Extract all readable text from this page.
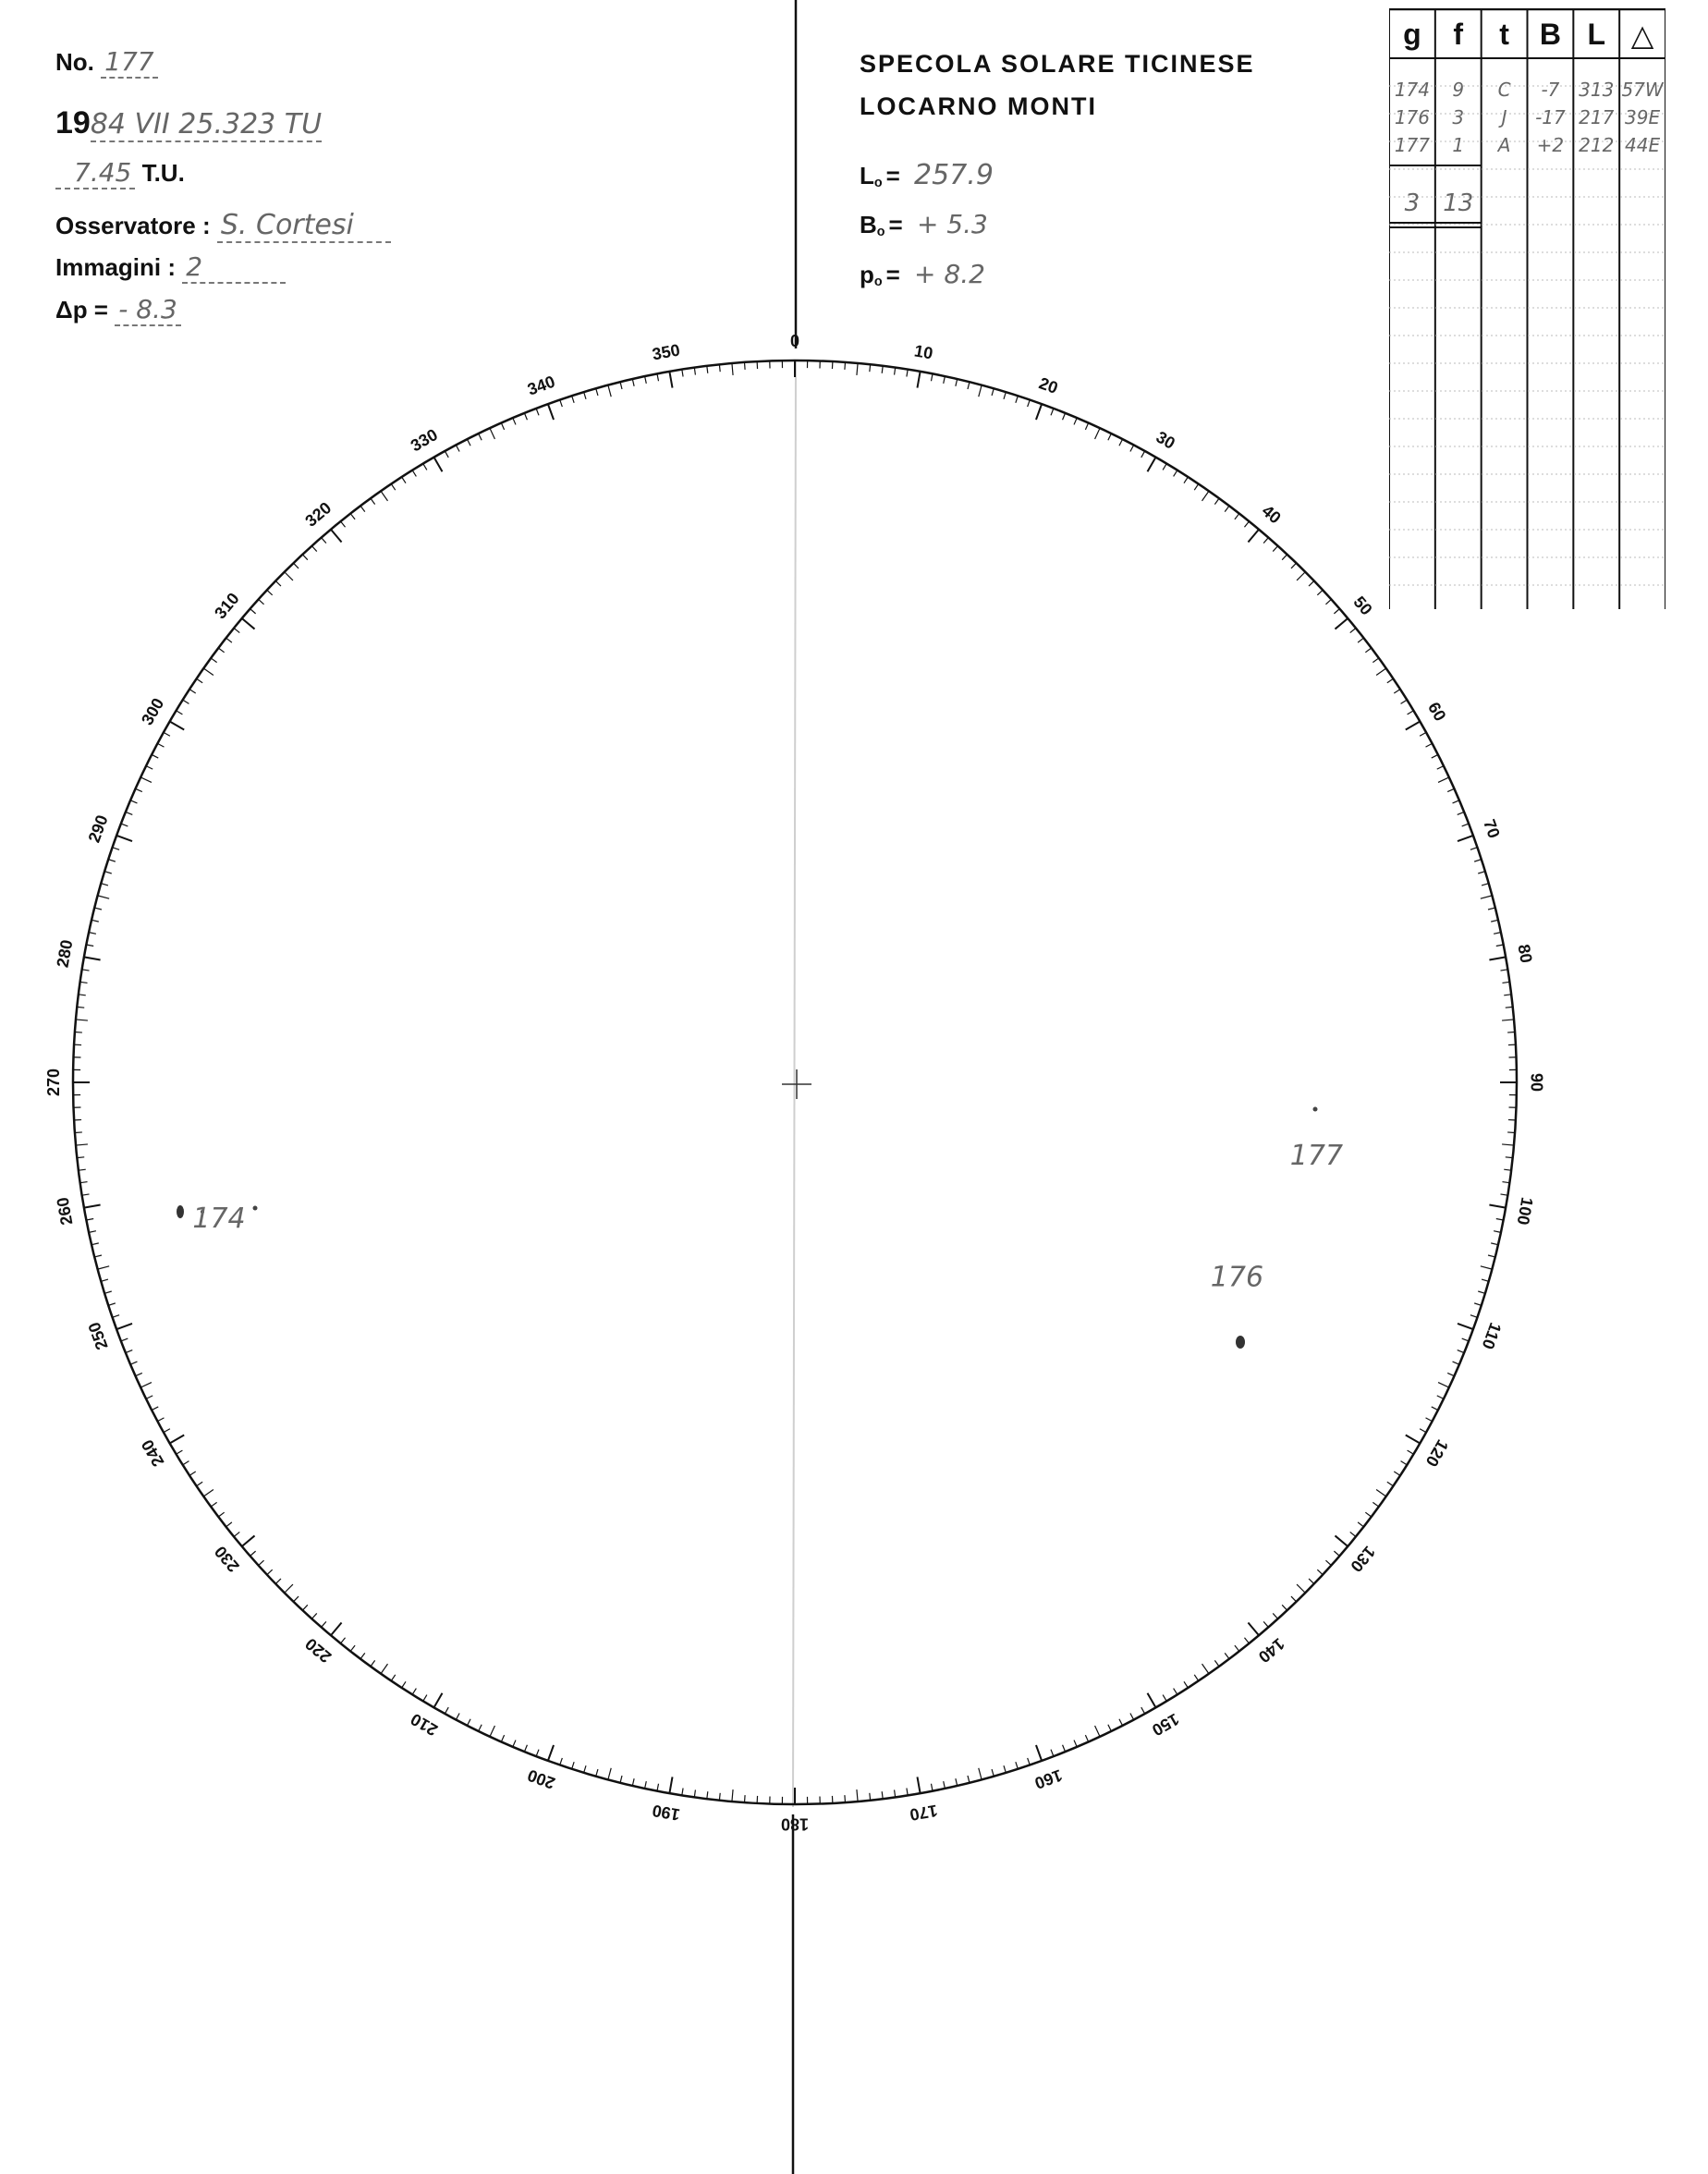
No. 177
1984 VII 25.323 TU
7.45 T.U.
Osservatore : S. Cortesi
Immagini : 2
Δp = - 8.3
SPECOLA SOLARE TICINESE
LOCARNO MONTI
Lo = 257.9
Bo = + 5.3
po = + 8.2
g	f	t	B L △
174	9	C	-7	313 57W
176	3	J	-17 217 39E
177	1	A	+2 212 44E
3 13
0
10
20
30
40
50
60
70
80
90
100
110
120
130
140
150
160
170
180
190
200
210
220
230
240
250
260
270
280
290
300
310
320
330
340
350
174
177
176
